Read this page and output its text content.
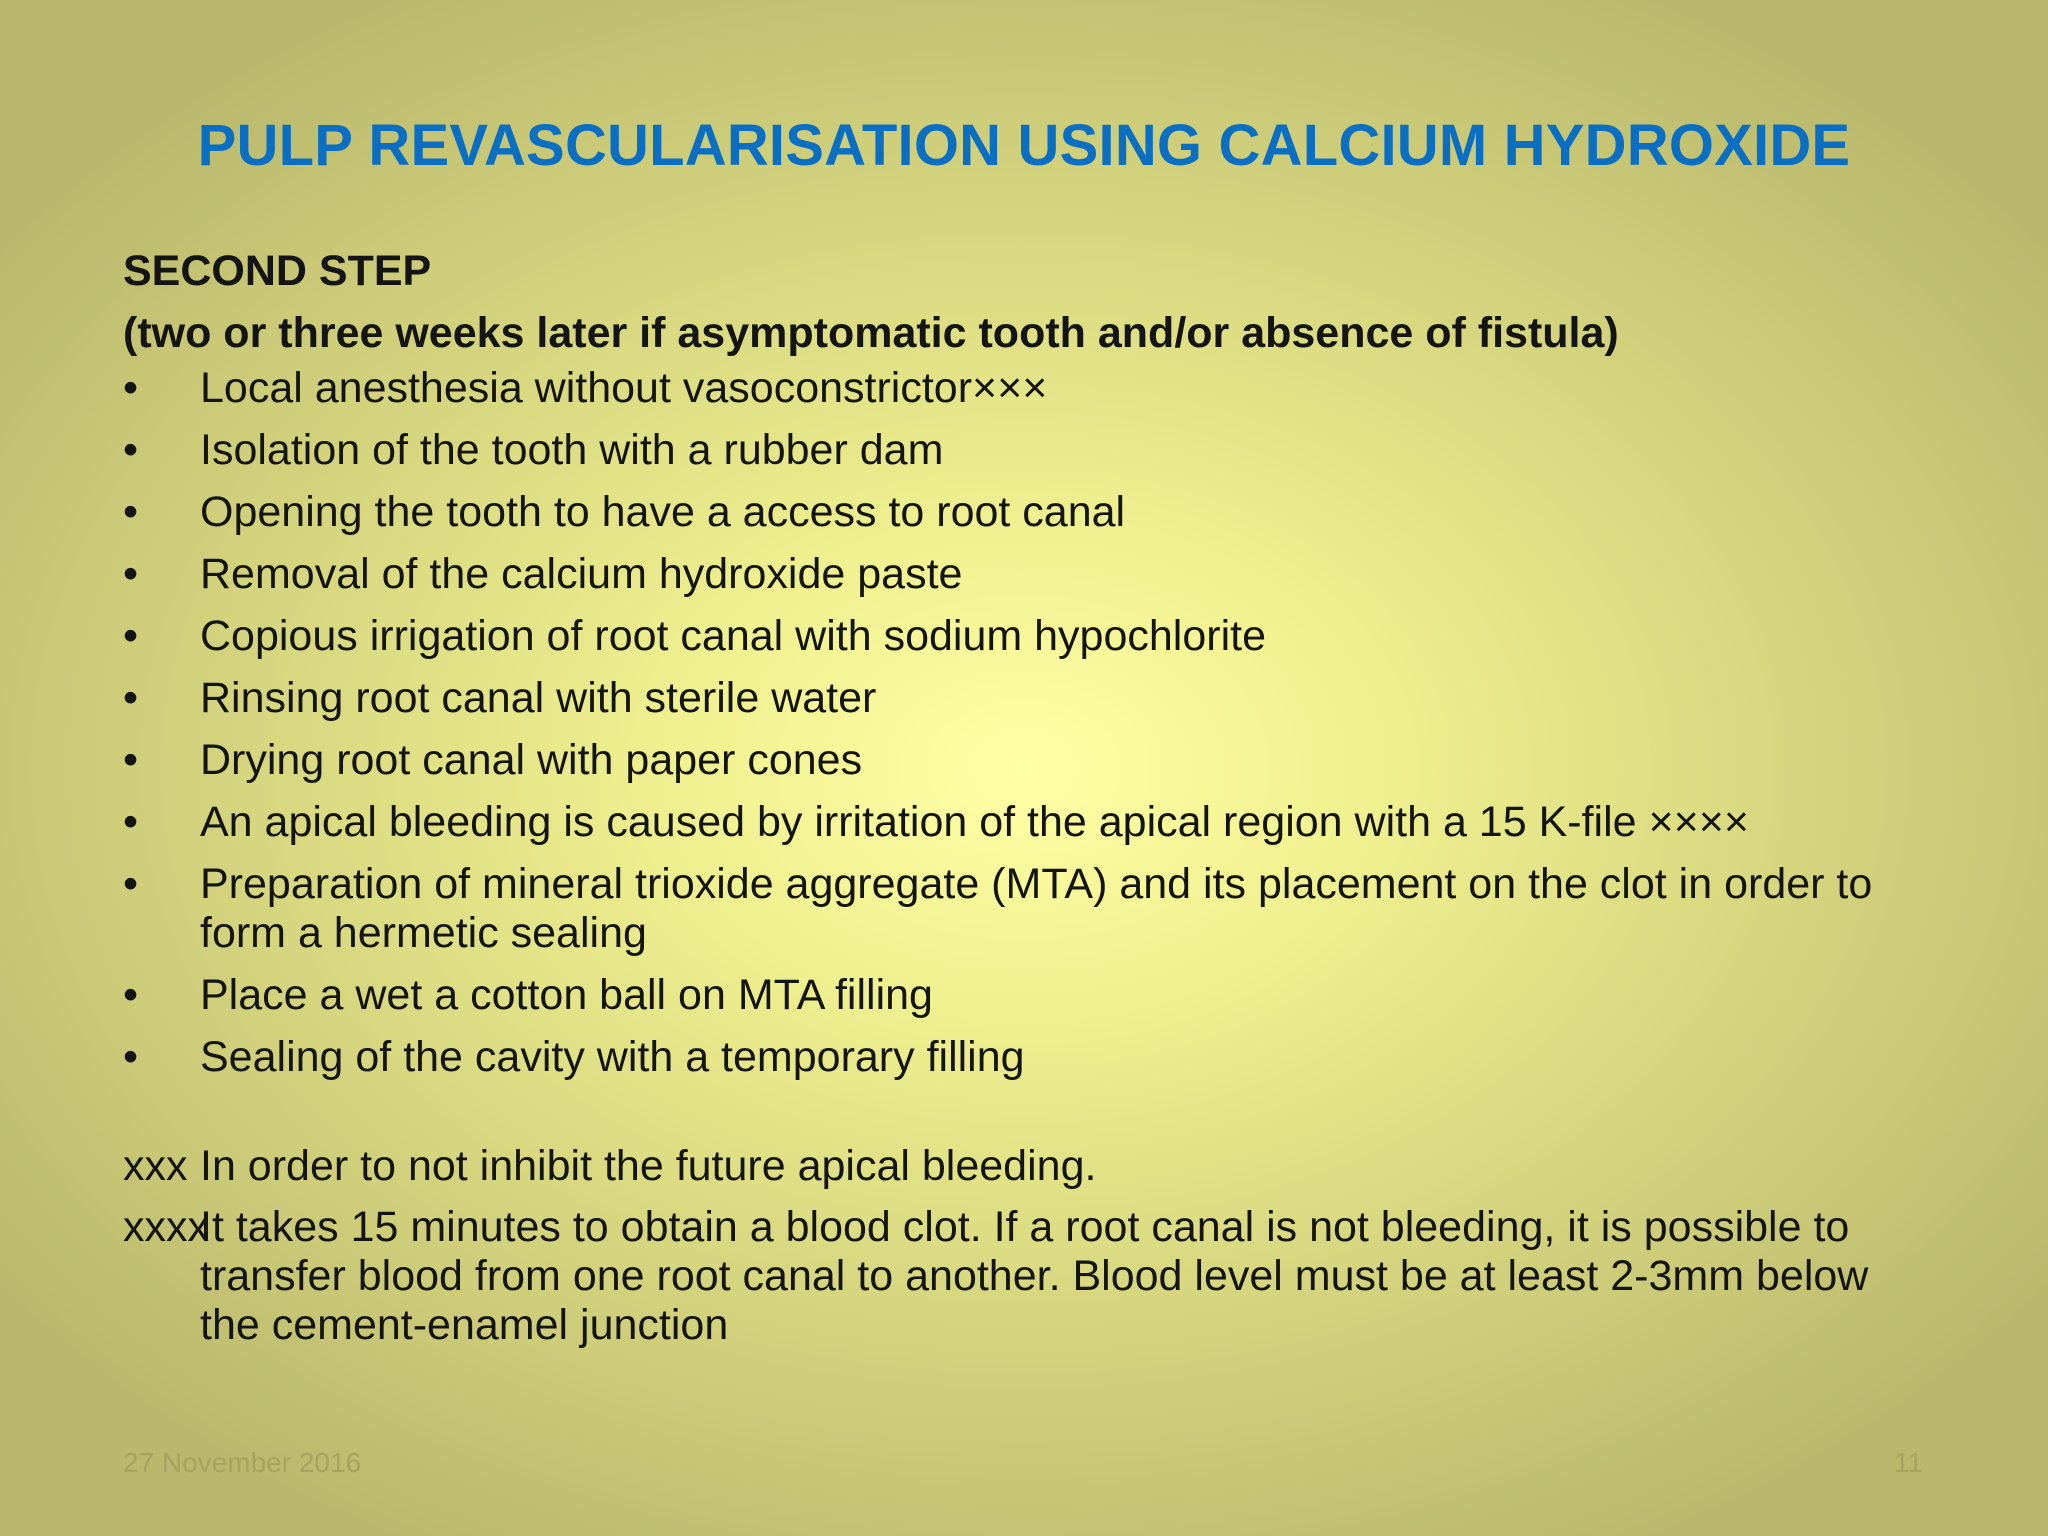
PULP REVASCULARISATION USING CALCIUM HYDROXIDE
SECOND STEP
(two or three weeks later if asymptomatic tooth and/or absence of fistula)
•	Local anesthesia without vasoconstrictor×××
•	Isolation of the tooth with a rubber dam
•	Opening the tooth to have a access to root canal
•	Removal of the calcium hydroxide paste
•	Copious irrigation of root canal with sodium hypochlorite
•	Rinsing root canal with sterile water
•	Drying root canal with paper cones
•	An apical bleeding is caused by irritation of the apical region with a 15 K-file ××××
•	Preparation of mineral trioxide aggregate (MTA) and its placement on the clot in order to form a hermetic sealing
•	Place a wet a cotton ball on MTA filling
•	Sealing of the cavity with a temporary filling
xxx In order to not inhibit the future apical bleeding.
xxxx
It takes 15 minutes to obtain a blood clot. If a root canal is not bleeding, it is possible to transfer blood from one root canal to another. Blood level must be at least 2-3mm below the cement-enamel junction
27 November 2016	11
